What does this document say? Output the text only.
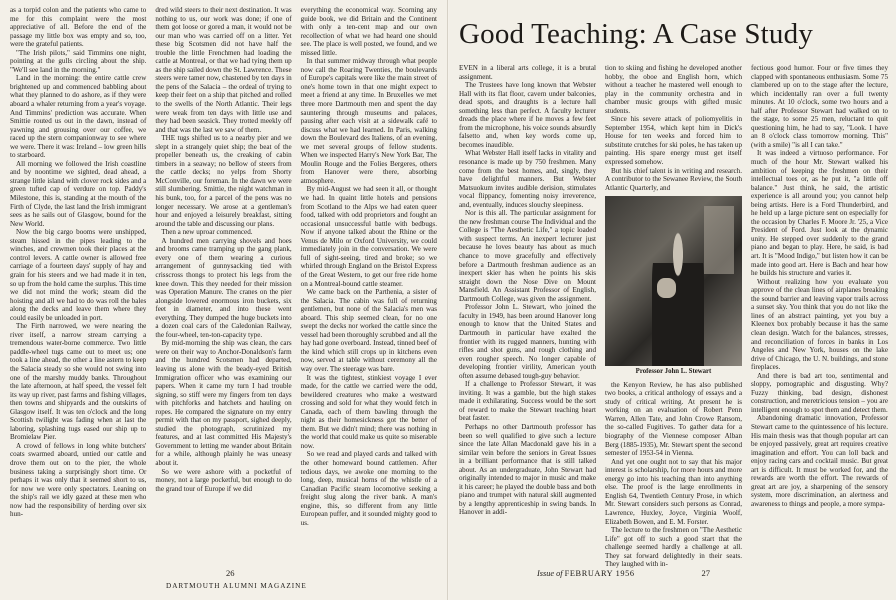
as a torpid colon and the patients who came to me for this complaint were the most appreciative of all. Before the end of the passage my little box was empty and so, too, were the grateful patients.

"The Irish pilots," said Timmins one night, pointing at the gulls circling about the ship. "We'll see land in the morning."

Land in the morning: the entire cattle crew brightened up and commenced babbling about what they planned to do ashore, as if they were aboard a whaler returning from a year's voyage. And Timmins' prediction was accurate. When Smittie routed us out in the dawn, instead of yawning and grousing over our coffee, we raced up the stern companionway to see where we were. There it was: Ireland – low green hills to starboard.

All morning we followed the Irish coastline and by noontime we sighted, dead ahead, a strange little island with clover rock sides and a green tufted cap of verdure on top. Paddy's Milestone, this is, standing at the mouth of the Firth of Clyde, the last land the Irish immigrant sees as he sails out of Glasgow, bound for the New World.

Now the big cargo booms were unshipped, steam hissed in the pipes leading to the winches, and crewmen took their places at the control levers. A cattle owner is allowed free carriage of a fourteen days' supply of hay and grain for his steers and we had made it in ten, so up from the hold came the surplus. This time we did not mind the work; steam did the hoisting and all we had to do was roll the bales along the decks and leave them where they could easily be unloaded in port.

The Firth narrowed, we were nearing the river itself, a narrow stream carrying a tremendous water-borne commerce. Two little paddle-wheel tugs came out to meet us; one took a line ahead, the other a line astern to keep the Salacia steady so she would not swing into one of the marshy muddy banks. Throughout the late afternoon, at half speed, the vessel felt its way up river, past farms and fishing villages, then towns and shipyards and the outskirts of Glasgow itself. It was ten o'clock and the long Scottish twilight was fading when at last the laboring, splashing tugs eased our ship up to Bromielaw Pier.

A crowd of fellows in long white butchers' coats swarmed aboard, untied our cattle and drove them out on to the pier, the whole business taking a surprisingly short time. Or perhaps it was only that it seemed short to us, for now we were only spectators. Leaning on the ship's rail we idly gazed at these men who now had the responsibility of herding over six hun-

dred wild steers to their next destination. It was nothing to us, our work was done; if one of them got loose or gored a man, it would not be our man who was carried off on a litter. Yet these big Scotsmen did not have half the trouble the little Frenchmen had loading the cattle at Montreal, or that we had tying them up as the ship sailed down the St. Lawrence. These steers were tamer now, chastened by ten days in the pens of the Salacia – the ordeal of trying to keep their feet on a ship that pitched and rolled to the swells of the North Atlantic. Their legs were weak from ten days with little use and they had been seasick. They trotted meekly off and that was the last we saw of them.

THE tugs shifted us to a nearby pier and we slept in a strangely quiet ship; the beat of the propeller beneath us, the creaking of cabin timbers in a seaway; no bellow of steers from the cattle decks; no yelps from Shorty McConville, our foreman. In the dawn we were still slumbering. Smittie, the night watchman in his bunk, too, for a parcel of the pens was no longer necessary. We arose at a gentleman's hour and enjoyed a leisurely breakfast, sitting around the table and discussing our plans.

Then a new uproar commenced.

A hundred men carrying shovels and hoes and brooms came tramping up the gang plank, every one of them wearing a curious arrangement of gunnysacking tied with crisscross thongs to protect his legs from the knee down. This they needed for their mission was Operation Manure. The cranes on the pier alongside lowered enormous iron buckets, six feet in diameter, and into these went everything. They dumped the huge buckets into a dozen coal cars of the Caledonian Railway, the four-wheel, ten-ton-capacity type.

By mid-morning the ship was clean, the cars were on their way to Anchor-Donaldson's farm and the hundred Scotsmen had departed, leaving us alone with the beady-eyed British Immigration officer who was examining our papers. When it came my turn I had trouble signing, so stiff were my fingers from ten days with pitchforks and hatchets and hauling on ropes. He compared the signature on my entry permit with that on my passport, sighed deeply, studied the photograph, scrutinized my features, and at last committed His Majesty's Government to letting me wander about Britain for a while, although plainly he was uneasy about it.

So we were ashore with a pocketful of money, not a large pocketful, but enough to do the grand tour of Europe if we did

everything the economical way. Scorning any guide book, we did Britain and the Continent with only a ten-cent map and our own recollection of what we had heard one should see. The place is well posted, we found, and we missed little.

In that summer midway through what people now call the Roaring Twenties, the boulevards of Europe's capitals were like the main street of one's home town in that one might expect to meet a friend at any time. In Bruxelles we met three more Dartmouth men and spent the day sauntering through museums and palaces, pausing after each visit at a sidewalk café to discuss what we had learned. In Paris, walking down the Boulevard des Italiens, of an evening, we met several groups of fellow students. When we inspected Harry's New York Bar, The Moulin Rouge and the Folies Bergeres, others from Hanover were there, absorbing atmosphere.

By mid-August we had seen it all, or thought we had. In quaint little hotels and pensions from Scotland to the Alps we had eaten queer food, talked with odd proprietors and fought an occasional unsuccessful battle with bedbugs. Now if anyone talked about the Rhine or the Venus de Milo or Oxford University, we could immediately join in the conversation. We were full of sight-seeing, tired and broke; so we whirled through England on the Bristol Express of the Great Western, to get our free ride home on a Montreal-bound cattle steamer.

We came back on the Parthenia, a sister of the Salacia. The cabin was full of returning gentlemen, but none of the Salacia's men was aboard. This ship seemed clean, for no one swept the decks nor worked the cattle since the vessel had been thoroughly scrubbed and all the hay had gone overboard. Instead, tinned beef of the kind which still crops up in kitchens even now, served at table without ceremony all the way over. The steerage was bare.

It was the tightest, stinkiest voyage I ever made, for the cattle we carried were the odd, bewildered creatures who make a westward crossing and sold for what they would fetch in Canada, each of them bawling through the night as their homesickness got the better of them. But we didn't mind; there was nothing in the world that could make us quite so miserable now.

So we read and played cards and talked with the other homeward bound cattlemen. After tedious days, we awoke one morning to the long, deep, musical horns of the whistle of a Canadian Pacific steam locomotive seeking a freight slug along the river bank. A man's engine, this, so different from any little European puffer, and it sounded mighty good to us.

26
DARTMOUTH ALUMNI MAGAZINE
Good Teaching: A Case Study

EVEN in a liberal arts college, it is a brutal assignment.

The Trustees have long known that Webster Hall with its flat floor, cavern under balconies, dead spots, and draughts is a lecture hall something less than perfect. A faculty lecturer dreads the place where if he moves a few feet from the microphone, his voice sounds absurdly falsetto and, when key words come up, becomes inaudible.

What Webster Hall itself lacks in vitality and resonance is made up by 750 freshmen. Many come from the best homes, and, singly, they have delightful manners. But Webster Matsuokum invites audible derision, stimulates vocal flippancy, fomenting noisy irreverence, and, eventually, induces slouchy sleepiness.

Nor is this all. The particular assignment for the new freshman course The Individual and the College is "The Aesthetic Life," a topic loaded with suspect terms. An inexpert lecturer just because he loves beauty has about as much chance to move gracefully and effectively before a Dartmouth freshman audience as an inexpert skier has when he points his skis straight down the Nose Dive on Mount Mansfield. An Assistant Professor of English, Dartmouth College, was given the assignment.

Professor John L. Stewart, who joined the faculty in 1949, has been around Hanover long enough to know that the United States and Dartmouth in particular have exalted the frontier with its rugged manners, hunting with rifles and shot guns, and rough clothing and even rougher speech. No longer capable of developing frontier virility, American youth often assume debased tough-guy behavior.

If a challenge to Professor Stewart, it was inviting. It was a gamble, but the high stakes made it exhilarating. Success would be the sort of reward to make the Stewart teaching heart beat faster.

Perhaps no other Dartmouth professor has been so well qualified to give such a lecture since the late Allan Macdonald gave his in a similar vein before the seniors in Great Issues in a brilliant performance that is still talked about. As an undergraduate, John Stewart had originally intended to major in music and make it his career; he played the double bass and both piano and trumpet with natural skill augmented by a lengthy apprenticeship in swing bands. In Hanover in addi-

tion to skiing and fishing he developed another hobby, the oboe and English horn, which without a teacher he mastered well enough to play in the community orchestra and in chamber music groups with gifted music students.

Since his severe attack of poliomyelitis in September 1954, which kept him in Dick's House for ten weeks and forced him to substitute crutches for ski poles, he has taken up painting. His spare energy must get itself expressed somehow.

But his chief talent is in writing and research. A contributor to the Sewanee Review, the South Atlantic Quarterly, and

Professor John L. Stewart

the Kenyon Review, he has also published two books, a critical anthology of essays and a study of critical writing. At present he is working on an evaluation of Robert Penn Warren, Allen Tate, and John Crowe Ransom, the so-called Fugitives. To gather data for a biography of the Viennese composer Alban Berg (1885-1935), Mr. Stewart spent the second semester of 1953-54 in Vienna.

And yet one ought not to say that his major interest is scholarship, for more hours and more energy go into his teaching than into anything else. The proof is the large enrollments in English 64, Twentieth Century Prose, in which Mr. Stewart considers such persons as Conrad, Lawrence, Huxley, Joyce, Virginia Woolf, Elizabeth Bowen, and E. M. Forster.

The lecture to the freshmen on "The Aesthetic Life" got off to such a good start that the challenge seemed hardly a challenge at all. They sat forward delightedly in their seats. They laughed with in-

fectious good humor. Four or five times they clapped with spontaneous enthusiasm. Some 75 clambered up on to the stage after the lecture, which incidentally ran over a full twenty minutes. At 10 o'clock, some two hours and a half after Professor Stewart had walked on to the stage, to some 25 men, reluctant to quit questioning him, he had to say, "Look. I have an 8 o'clock class tomorrow morning. This" (with a smile) "is all I can take."

It was indeed a virtuoso performance. For much of the hour Mr. Stewart walked his ambition of keeping the freshmen on their intellectual toes or, as he put it, "a little off balance." Just think, he said, the artistic experience is all around you; you cannot help being artists. Here is a Ford Thunderbird, and he held up a large picture sent on especially for the occasion by Charles F. Moore Jr. '25, a Vice President of Ford. Just look at the dynamic unity. He stepped over suddenly to the grand piano and began to play. Here, he said, is bad art. It is "Mood Indigo," but listen how it can be made into good art. Here is Bach and hear how he builds his structure and varies it.

Without realizing how you evaluate you approve of the clean lines of airplanes breaking the sound barrier and leaving vapor trails across a sunset sky. You think that you do not like the lines of an abstract painting, yet you buy a Kleenex box probably because it has the same clean design. Watch for the balances, stresses, and reconciliation of forces in banks in Los Angeles and New York, houses on the lake drive of Chicago, the U. N. buildings, and stone fireplaces.

And there is bad art too, sentimental and sloppy, pornographic and disgusting. Why? Fuzzy thinking, bad design, dishonest construction, and meretricious tension – you are intelligent enough to spot them and detect them.

Abandoning dramatic innovation, Professor Stewart came to the quintessence of his lecture. His main thesis was that though popular art can be enjoyed passively, great art requires creative imagination and effort. You can loll back and enjoy racing cars and cocktail music. But great art is difficult. It must be worked for, and the rewards are worth the effort. The rewards of great art are joy, a sharpening of the sensory system, more discrimination, an alertness and awareness to things and people, a more sympa-

Issue of FEBRUARY 1956	27
